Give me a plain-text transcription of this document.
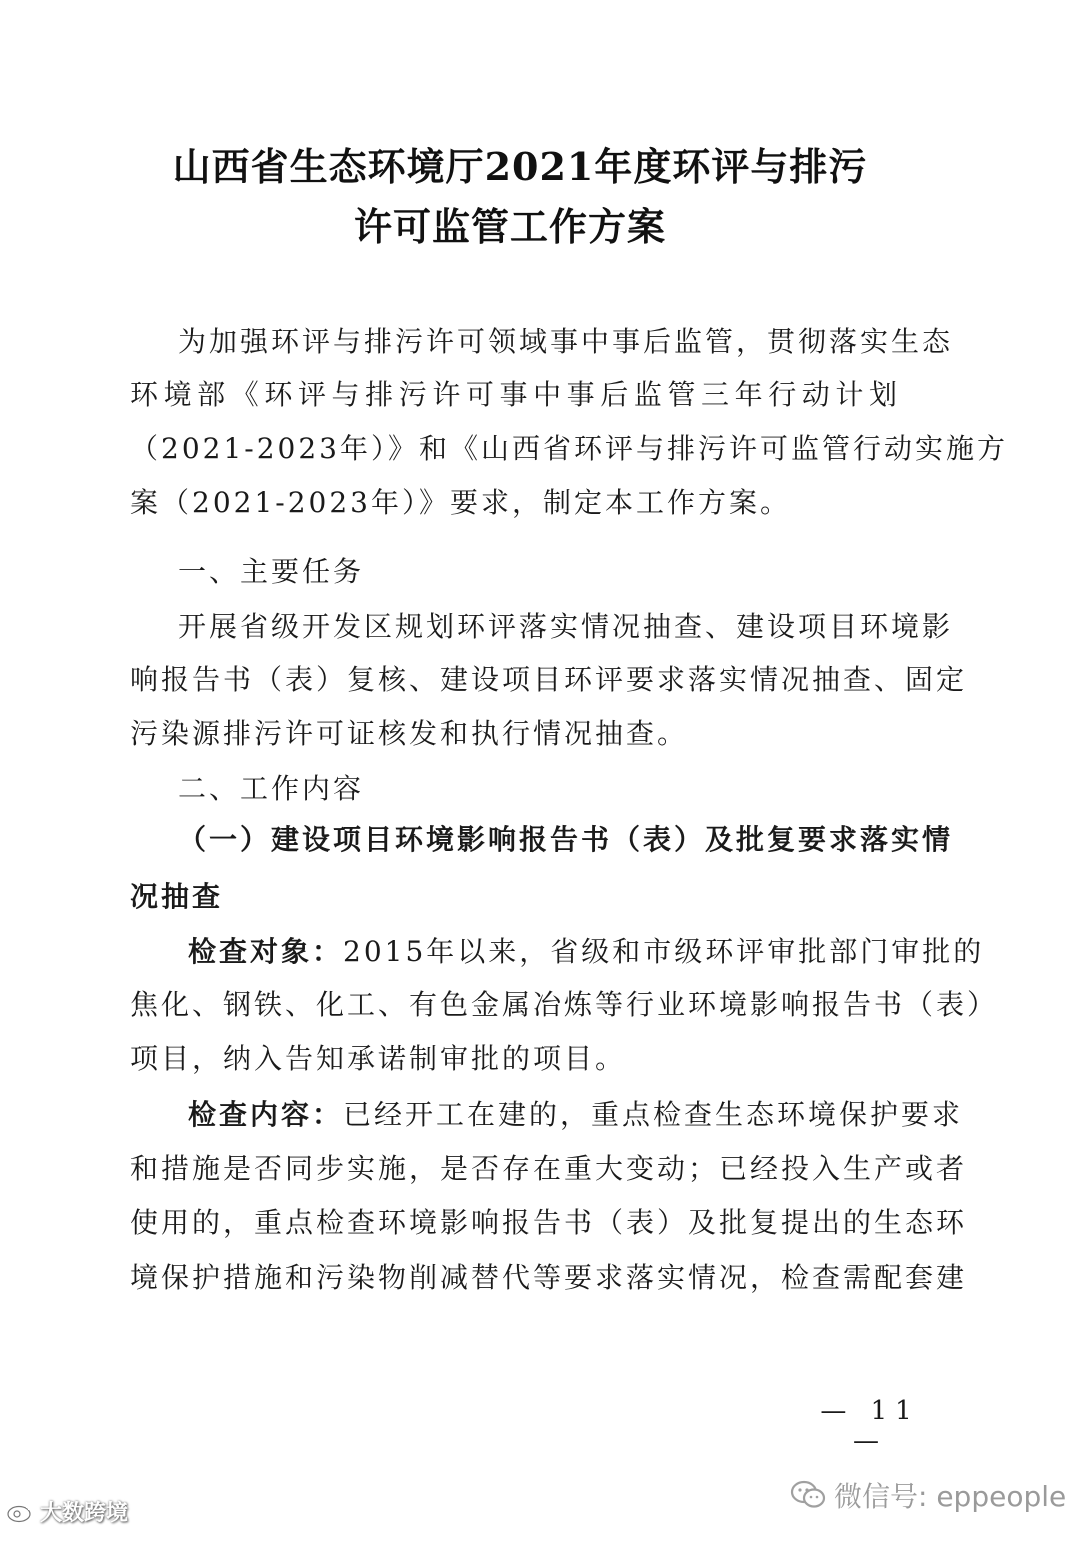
山西省生态环境厅2021年度环评与排污
许可监管工作方案
为加强环评与排污许可领域事中事后监管，贯彻落实生态
环境部《环评与排污许可事中事后监管三年行动计划
（2021-2023年）》和《山西省环评与排污许可监管行动实施方
案（2021-2023年）》要求，制定本工作方案。
一、主要任务
开展省级开发区规划环评落实情况抽查、建设项目环境影
响报告书（表）复核、建设项目环评要求落实情况抽查、固定
污染源排污许可证核发和执行情况抽查。
二、工作内容
（一）建设项目环境影响报告书（表）及批复要求落实情
况抽查
检查对象：2015年以来，省级和市级环评审批部门审批的
焦化、钢铁、化工、有色金属冶炼等行业环境影响报告书（表）
项目，纳入告知承诺制审批的项目。
检查内容：已经开工在建的，重点检查生态环境保护要求
和措施是否同步实施，是否存在重大变动；已经投入生产或者
使用的，重点检查环境影响报告书（表）及批复提出的生态环
境保护措施和污染物削减替代等要求落实情况，检查需配套建
— 11 —
微信号: eppeople
大数跨境
